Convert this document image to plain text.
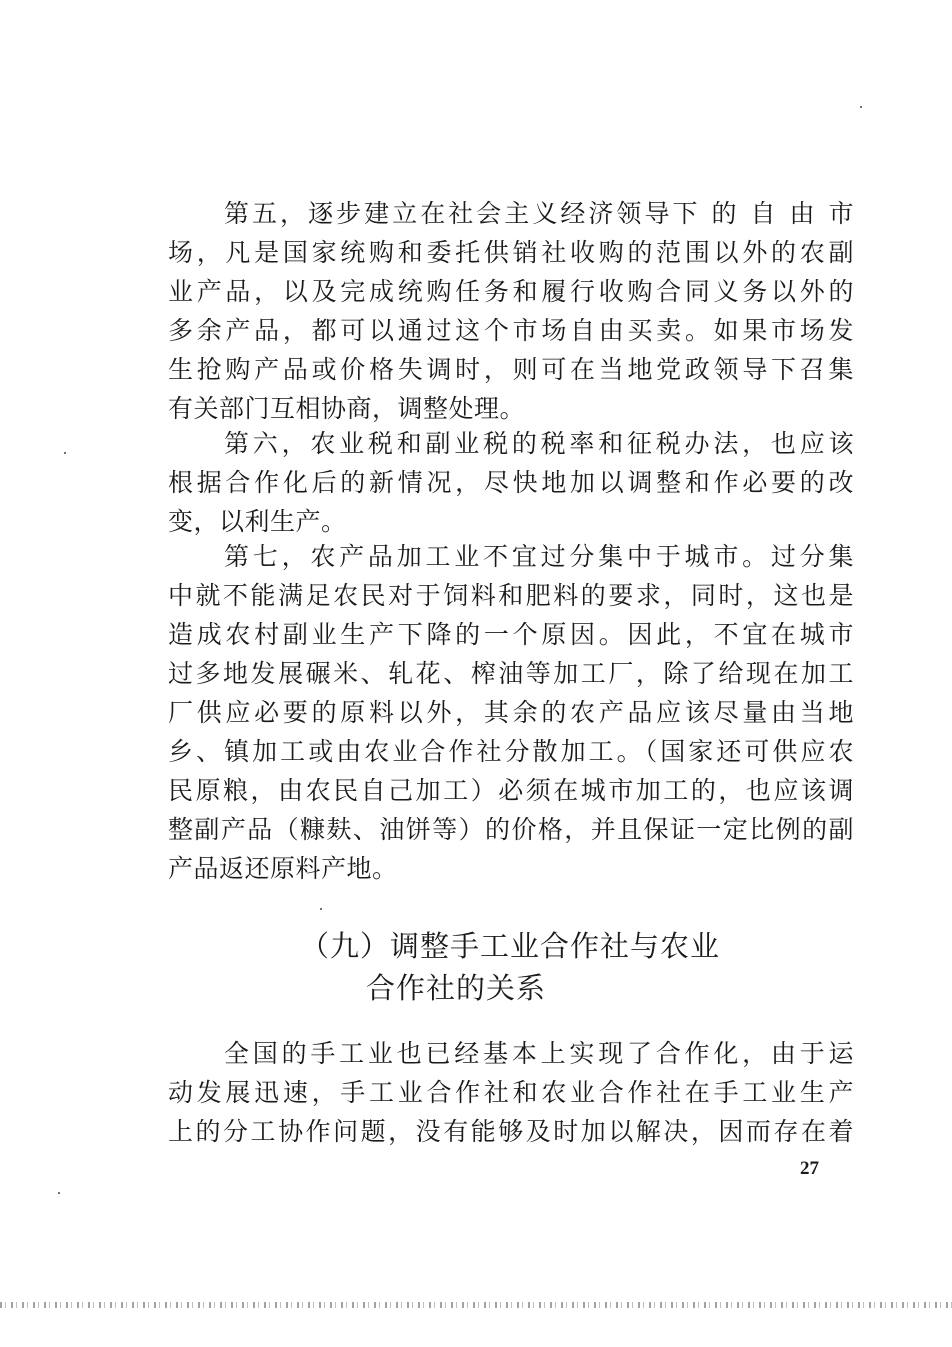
第五，逐步建立在社会主义经济领导下 的 自 由 市
场，凡是国家统购和委托供销社收购的范围以外的农副
业产品，以及完成统购任务和履行收购合同义务以外的
多余产品，都可以通过这个市场自由买卖。如果市场发
生抢购产品或价格失调时，则可在当地党政领导下召集
有关部门互相协商，调整处理。
第六，农业税和副业税的税率和征税办法，也应该
根据合作化后的新情况，尽快地加以调整和作必要的改
变，以利生产。
第七，农产品加工业不宜过分集中于城市。过分集
中就不能满足农民对于饲料和肥料的要求，同时，这也是
造成农村副业生产下降的一个原因。因此，不宜在城市
过多地发展碾米、轧花、榨油等加工厂，除了给现在加工
厂供应必要的原料以外，其余的农产品应该尽量由当地
乡、镇加工或由农业合作社分散加工。（国家还可供应农
民原粮，由农民自己加工）必须在城市加工的，也应该调
整副产品（糠麸、油饼等）的价格，并且保证一定比例的副
产品返还原料产地。
（九）调整手工业合作社与农业
合作社的关系
全国的手工业也已经基本上实现了合作化，由于运
动发展迅速，手工业合作社和农业合作社在手工业生产
上的分工协作问题，没有能够及时加以解决，因而存在着
27
